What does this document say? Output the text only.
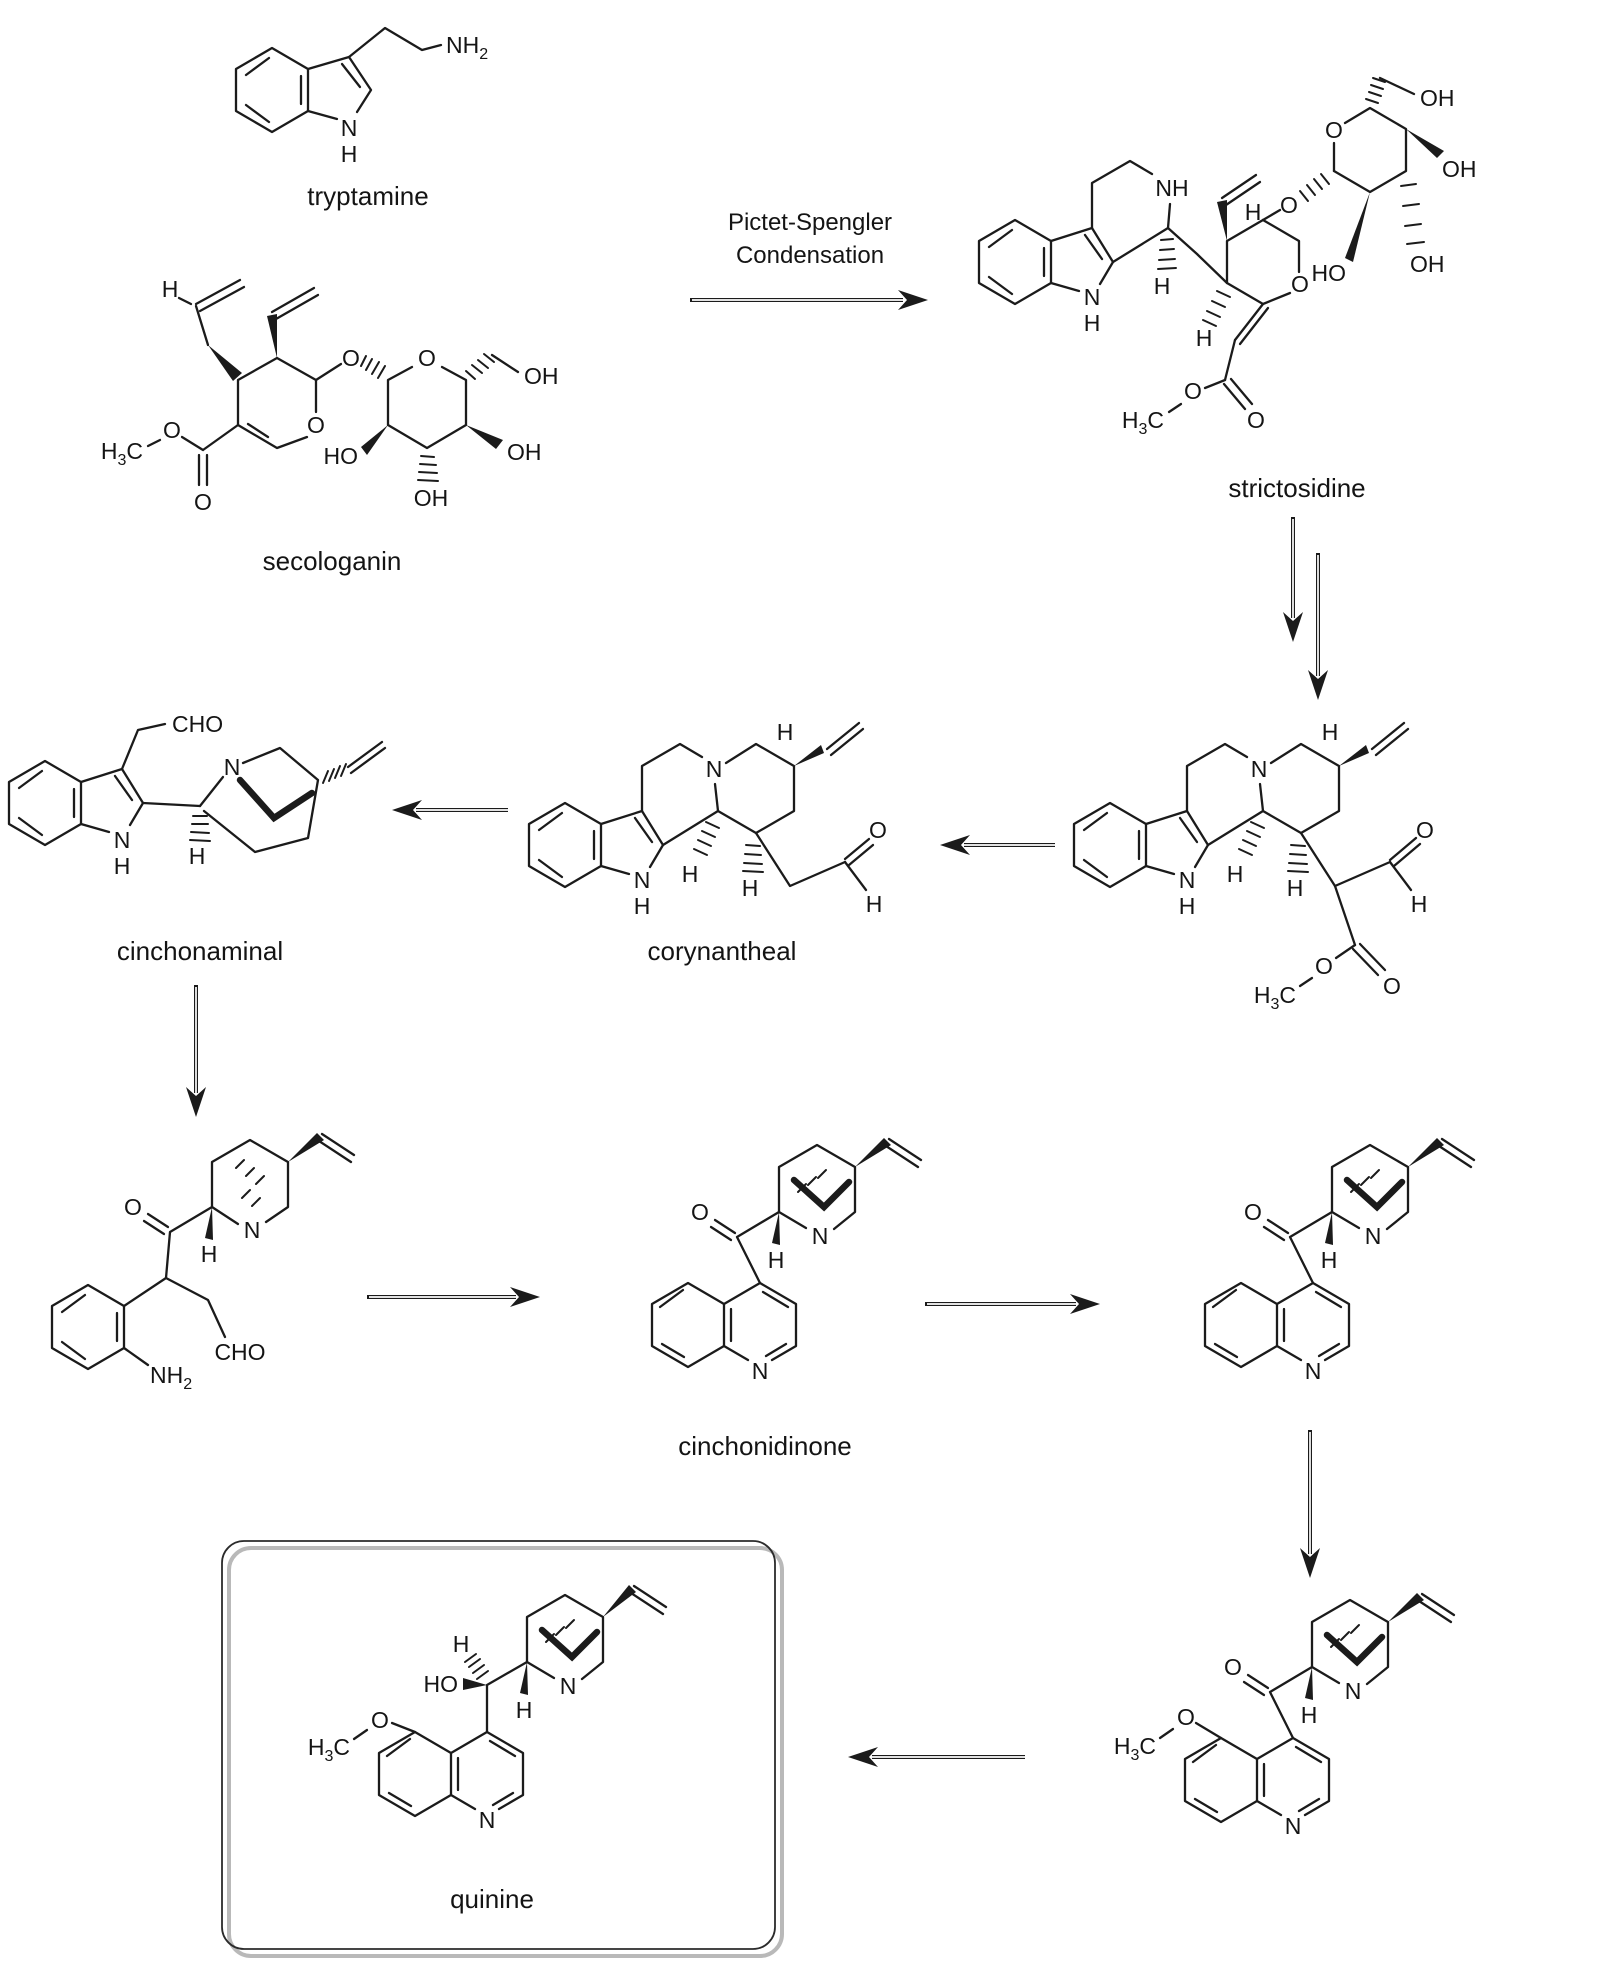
N
H
$NH_2$
tryptamine
O
H
O
O
$H_3C$
O	O
OH
OH
OH
HO
secologanin
Pictet-Spengler
Condensation
N
H
NH
H	O
H
H
O
O
$H_3C$
O
O
OH
OH
OH
HO
strictosidine
N
H
N
H
H
H
O
H
O
O
$H_3C$
N
H
N
H
H
H
O
H
corynantheal
N
H
CHO
H
N
cinchonaminal
$NH_2$
CHO
O
N
H
N
O
N
H
cinchonidinone
N
O
N
H
N
O
$H_3C$
O
N
H
N
O
$H_3C$
HO
H
N
H
quinine
